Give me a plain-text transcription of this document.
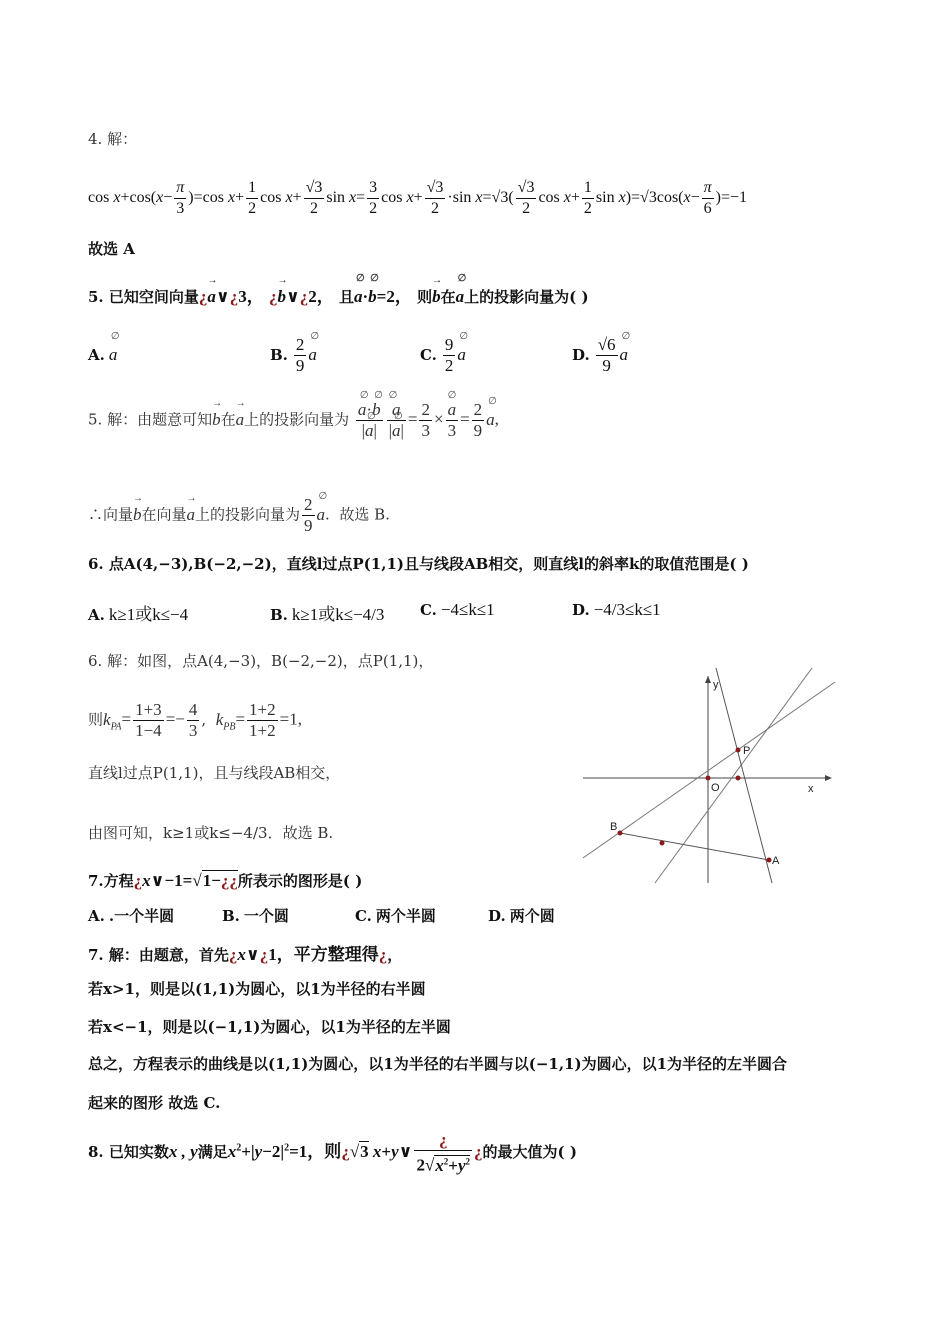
4. 解：
$\cos x+\cos(x- \frac{\pi}{3} )=\cos$ $x+ \frac{1}{2}$ $\cos x+ \frac{√3}{2}$ $\sin x= \frac{3}{2}$ $\cos x+ \frac{√3}{2} \cdot\sin$ $x=√3( \frac{√3}{2}$ $\cos x+ \frac{1}{2}$ $\sin x)=√3\cos(x- \frac{\pi}{6} )=-1$
故选 A
5. 已知空间向量¿→ a∨¿3， ¿→ b∨¿2， 且∅ a·∅ b=2， 则→ b在∅ a上的投影向量为( )
A. ∅ a	B. $\frac{2}{9}$ ∅ a	C. $\frac{9}{2}$ ∅ a	D. $\frac{√6}{9}$ ∅ a
5. 解：由题意可知→ b在→ a上的投影向量为 ∅ $\frac{a\cdot\emptyset b}{|\emptyset a|}$ ∅ $\frac{a}{|\emptyset a|} = \frac{2}{3}$ × ∅ $\frac{a}{3} = \frac{2}{9}$ ∅ a,
∴向量→ b在向量→ a上的投影向量为 $\frac{2}{9}$ ∅ a.  故选 B.
6. 点A(4,−3),B(−2,−2)，直线l过点P(1,1)且与线段AB相交，则直线l的斜率k的取值范围是( )
A. k≥1或k≤−4	B. k≥1或k≤−4/3 C. −4≤k≤1	D. −4/3≤k≤1
6. 解：如图，点A(4,−3)，B(−2,−2)，点P(1,1)，
则$k_{PA}= \frac{1+3}{1-4} =- \frac{4}{3}$ ,  $k_{PB}= \frac{1+2}{1+2} =1$,
直线l过点P(1,1)，且与线段AB相交，
由图可知，k≥1或k≤−4/3．故选 B.
y
x
O
P
A
B
7.方程¿x∨−1=√1−¿¿所表示的图形是( )
A. .一个半圆	B. 一个圆	C. 两个半圆	D. 两个圆
7. 解：由题意，首先¿x∨¿1，平方整理得¿，
若x>1，则是以(1,1)为圆心，以1为半径的右半圆
若x<−1，则是以(−1,1)为圆心，以1为半径的左半圆
总之，方程表示的曲线是以(1,1)为圆心，以1为半径的右半圆与以(−1,1)为圆心，以1为半径的左半圆合
起来的图形 故选 C.
8. 已知实数x , y满足$x^2+|y-2|^2=1$，则¿√3 x+y∨ $\frac{¿}{2√x^2+y^2}$ ¿的最大值为( )
